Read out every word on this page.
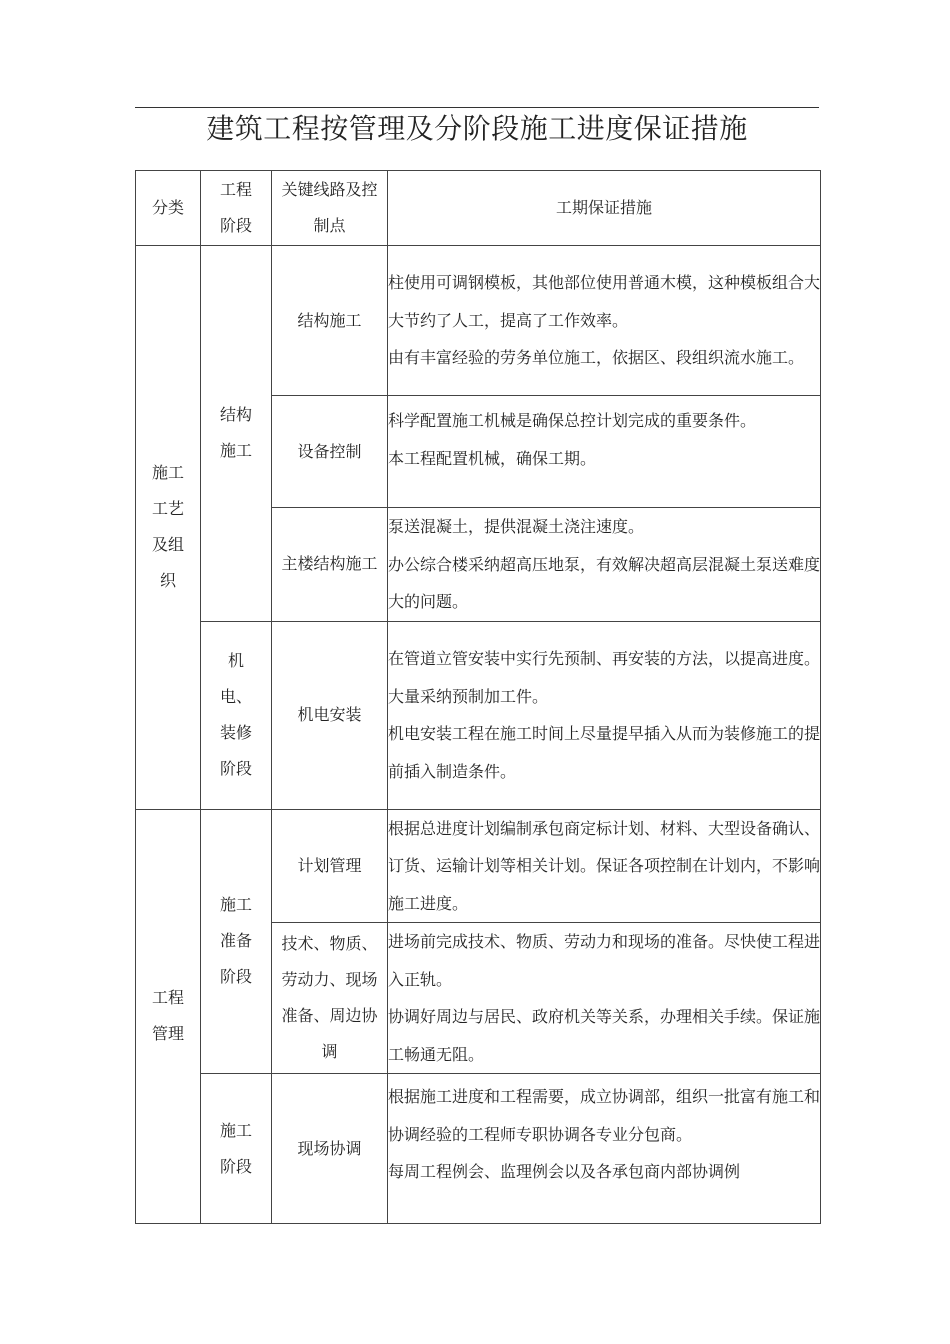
建筑工程按管理及分阶段施工进度保证措施
分类	工程阶段	关键线路及控制点	工期保证措施
施工工艺及组织	结构施工	结构施工	柱使用可调钢模板，其他部位使用普通木模，这种模板组合大大节约了人工，提高了工作效率。
由有丰富经验的劳务单位施工，依据区、段组织流水施工。

		设备控制	科学配置施工机械是确保总控计划完成的重要条件。
本工程配置机械，确保工期。

		主楼结构施工	泵送混凝土，提供混凝土浇注速度。
办公综合楼采纳超高压地泵，有效解决超高层混凝土泵送难度大的问题。

	机电、装修阶段	机电安装	在管道立管安装中实行先预制、再安装的方法，以提高进度。
大量采纳预制加工件。
机电安装工程在施工时间上尽量提早插入从而为装修施工的提前插入制造条件。

工程管理	施工准备阶段	计划管理	根据总进度计划编制承包商定标计划、材料、大型设备确认、订货、运输计划等相关计划。保证各项控制在计划内，不影响施工进度。

		技术、物质、劳动力、现场准备、周边协调	进场前完成技术、物质、劳动力和现场的准备。尽快使工程进入正轨。
协调好周边与居民、政府机关等关系，办理相关手续。保证施工畅通无阻。

	施工阶段	现场协调	根据施工进度和工程需要，成立协调部，组织一批富有施工和协调经验的工程师专职协调各专业分包商。
每周工程例会、监理例会以及各承包商内部协调例
